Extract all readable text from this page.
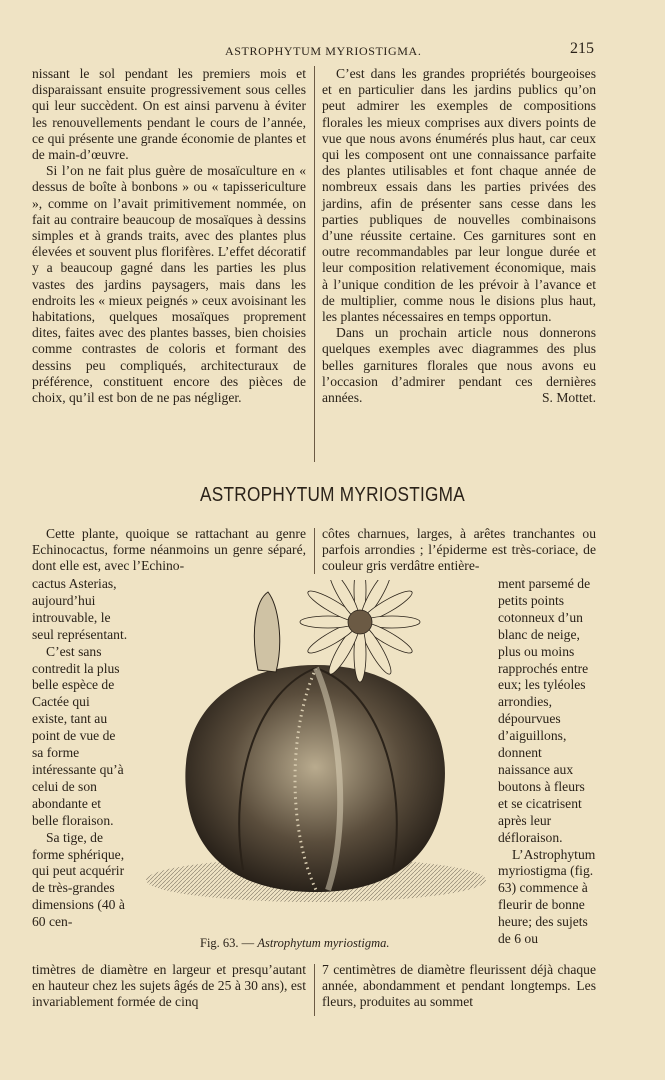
ASTROPHYTUM MYRIOSTIGMA.	215

nissant le sol pendant les premiers mois et disparaissant ensuite progressivement sous celles qui leur succèdent. On est ainsi parvenu à éviter les renouvellements pendant le cours de l’année, ce qui présente une grande économie de plantes et de main-d’œuvre.

Si l’on ne fait plus guère de mosaïculture en « dessus de boîte à bonbons » ou « tapissericulture », comme on l’avait primitivement nommée, on fait au contraire beaucoup de mosaïques à dessins simples et à grands traits, avec des plantes plus élevées et souvent plus florifères. L’effet décoratif y a beaucoup gagné dans les parties les plus vastes des jardins paysagers, mais dans les endroits les « mieux peignés » ceux avoisinant les habitations, quelques mosaïques proprement dites, faites avec des plantes basses, bien choisies comme contrastes de coloris et formant des dessins peu compliqués, architecturaux de préférence, constituent encore des pièces de choix, qu’il est bon de ne pas négliger.

C’est dans les grandes propriétés bourgeoises et en particulier dans les jardins publics qu’on peut admirer les exemples de compositions florales les mieux comprises aux divers points de vue que nous avons énumérés plus haut, car ceux qui les composent ont une connaissance parfaite des plantes utilisables et font chaque année de nombreux essais dans les parties privées des jardins, afin de présenter sans cesse dans les parties publiques de nouvelles combinaisons d’une réussite certaine. Ces garnitures sont en outre recommandables par leur longue durée et leur composition relativement économique, mais à l’unique condition de les prévoir à l’avance et de multiplier, comme nous le disions plus haut, les plantes nécessaires en temps opportun.

Dans un prochain article nous donnerons quelques exemples avec diagrammes des plus belles garnitures florales que nous avons eu l’occasion d’admirer pendant ces dernières années.	S. Mottet.

ASTROPHYTUM MYRIOSTIGMA

Cette plante, quoique se rattachant au genre Echinocactus, forme néanmoins un genre séparé, dont elle est, avec l’Echino-

cactus Asterias, aujourd’hui introuvable, le seul représentant.

C’est sans contredit la plus belle espèce de Cactée qui existe, tant au point de vue de sa forme intéressante qu’à celui de son abondante et belle floraison.

Sa tige, de forme sphérique, qui peut acquérir de très-grandes dimensions (40 à 60 cen-

côtes charnues, larges, à arêtes tranchantes ou parfois arrondies ; l’épiderme est très-coriace, de couleur gris verdâtre entière-

ment parsemé de petits points cotonneux d’un blanc de neige, plus ou moins rapprochés entre eux; les tyléoles arrondies, dépourvues d’aiguillons, donnent naissance aux boutons à fleurs et se cicatrisent après leur défloraison.

L’Astrophytum myriostigma (fig. 63) commence à fleurir de bonne heure; des sujets de 6 ou

Fig. 63. — Astrophytum myriostigma.

timètres de diamètre en largeur et presqu’autant en hauteur chez les sujets âgés de 25 à 30 ans), est invariablement formée de cinq

7 centimètres de diamètre fleurissent déjà chaque année, abondamment et pendant longtemps. Les fleurs, produites au sommet
